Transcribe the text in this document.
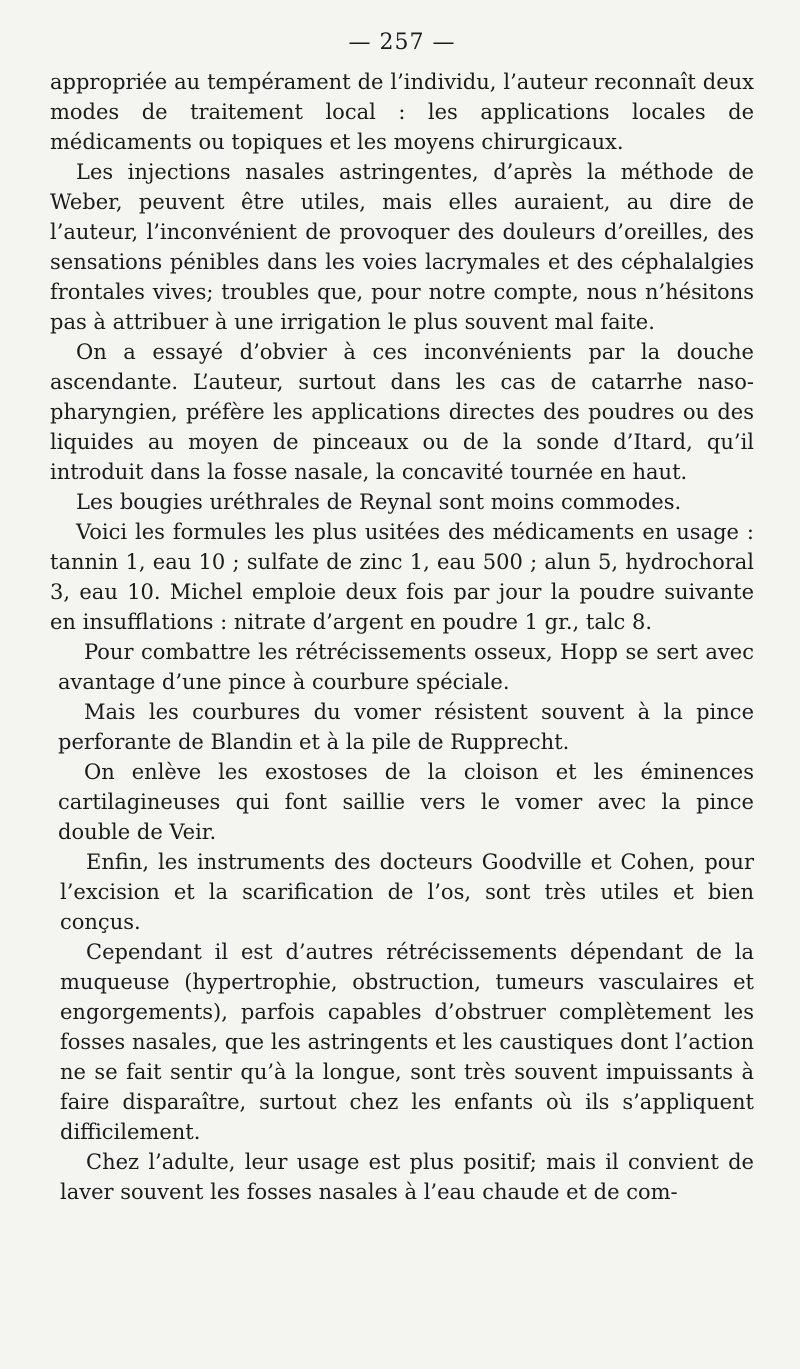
— 257 —

appropriée au tempérament de l’individu, l’auteur reconnaît deux modes de traitement local : les applications locales de médicaments ou topiques et les moyens chirurgicaux.

Les injections nasales astringentes, d’après la méthode de Weber, peuvent être utiles, mais elles auraient, au dire de l’auteur, l’inconvénient de provoquer des douleurs d’oreilles, des sensations pénibles dans les voies lacrymales et des céphalalgies frontales vives; troubles que, pour notre compte, nous n’hésitons pas à attribuer à une irrigation le plus souvent mal faite.

On a essayé d’obvier à ces inconvénients par la douche ascendante. L’auteur, surtout dans les cas de catarrhe naso-pharyngien, préfère les applications directes des poudres ou des liquides au moyen de pinceaux ou de la sonde d’Itard, qu’il introduit dans la fosse nasale, la concavité tournée en haut.

Les bougies uréthrales de Reynal sont moins commodes.

Voici les formules les plus usitées des médicaments en usage : tannin 1, eau 10 ; sulfate de zinc 1, eau 500 ; alun 5, hydrochoral 3, eau 10. Michel emploie deux fois par jour la poudre suivante en insufflations : nitrate d’argent en poudre 1 gr., talc 8.

Pour combattre les rétrécissements osseux, Hopp se sert avec avantage d’une pince à courbure spéciale.

Mais les courbures du vomer résistent souvent à la pince perforante de Blandin et à la pile de Rupprecht.

On enlève les exostoses de la cloison et les éminences cartilagineuses qui font saillie vers le vomer avec la pince double de Veir.

Enfin, les instruments des docteurs Goodville et Cohen, pour l’excision et la scarification de l’os, sont très utiles et bien conçus.

Cependant il est d’autres rétrécissements dépendant de la muqueuse (hypertrophie, obstruction, tumeurs vasculaires et engorgements), parfois capables d’obstruer complètement les fosses nasales, que les astringents et les caustiques dont l’action ne se fait sentir qu’à la longue, sont très souvent impuissants à faire disparaître, surtout chez les enfants où ils s’appliquent difficilement.

Chez l’adulte, leur usage est plus positif; mais il convient de laver souvent les fosses nasales à l’eau chaude et de com-
